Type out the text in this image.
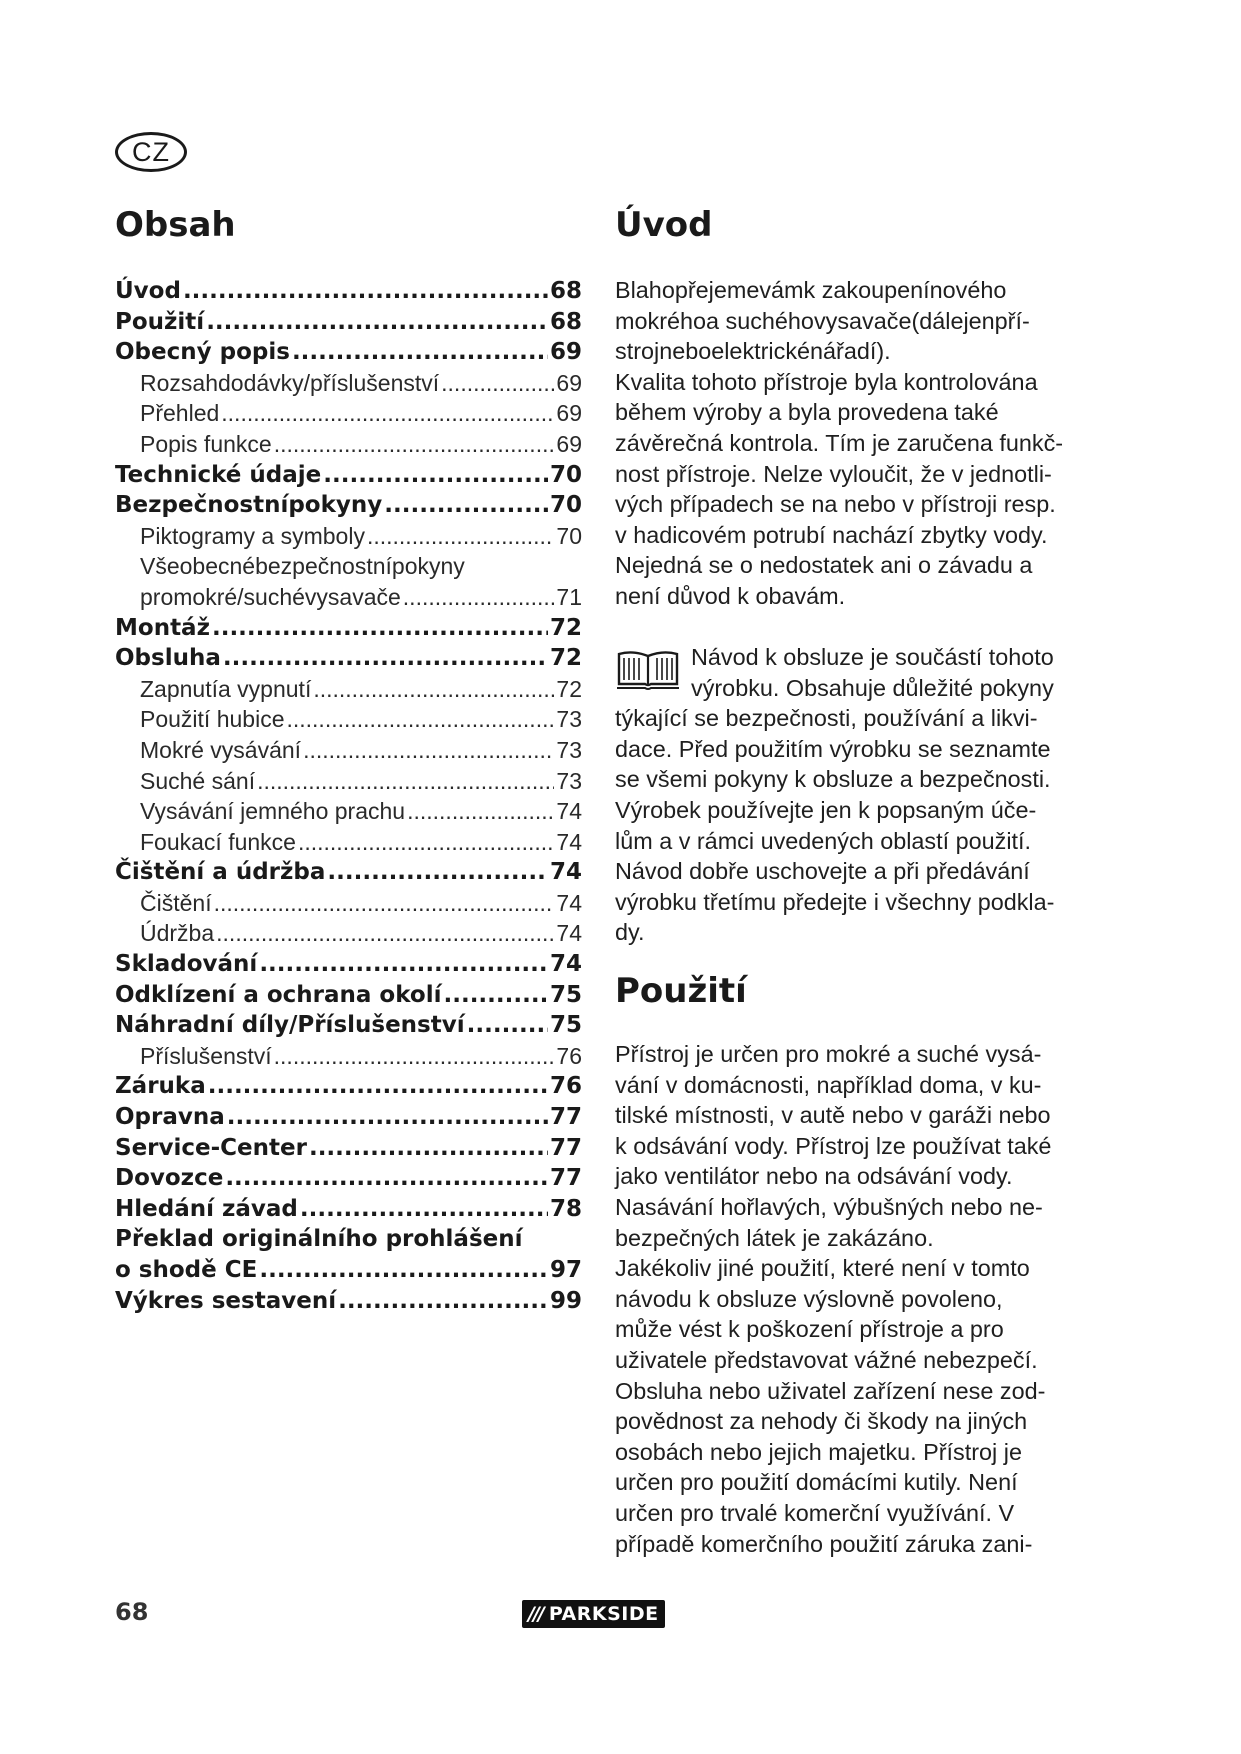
CZ
Obsah
Úvod .....	68
Použití .....	68
Obecný popis .....	69
Rozsahdodávky/příslušenství .....	69
Přehled .....	69
Popis funkce .....	69
Technické údaje .....	70
Bezpečnostnípokyny .....	70
Piktogramy a symboly .....	70
Všeobecnébezpečnostnípokyny
promokré/suchévysavače .....	71
Montáž .....	72
Obsluha .....	72
Zapnutía vypnutí .....	72
Použití hubice .....	73
Mokré vysávání .....	73
Suché sání .....	73
Vysávání jemného prachu .....	74
Foukací funkce .....	74
Čištění a údržba .....	74
Čištění .....	74
Údržba .....	74
Skladování .....	74
Odklízení a ochrana okolí .....	75
Náhradní díly/Příslušenství .....	75
Příslušenství .....	76
Záruka .....	76
Opravna .....	77
Service-Center .....	77
Dovozce .....	77
Hledání závad .....	78
Překlad originálního prohlášení
o shodě CE .....	97
Výkres sestavení .....	99
Úvod

Blahopřejemevámk zakoupenínového
mokréhoa suchéhovysavače(dálejenpří-
strojneboelektrickénářadí).

Kvalita tohoto přístroje byla kontrolována
během výroby a byla provedena také
závěrečná kontrola. Tím je zaručena funkč-
nost přístroje. Nelze vyloučit, že v jednotli-
vých případech se na nebo v přístroji resp.
v hadicovém potrubí nachází zbytky vody.
Nejedná se o nedostatek ani o závadu a
není důvod k obavám.

Návod k obsluze je součástí tohoto
výrobku. Obsahuje důležité pokyny
týkající se bezpečnosti, používání a likvi-
dace. Před použitím výrobku se seznamte
se všemi pokyny k obsluze a bezpečnosti.
Výrobek používejte jen k popsaným úče-
lům a v rámci uvedených oblastí použití.
Návod dobře uschovejte a při předávání
výrobku třetímu předejte i všechny podkla-
dy.

Použití

Přístroj je určen pro mokré a suché vysá-
vání v domácnosti, například doma, v ku-
tilské místnosti, v autě nebo v garáži nebo
k odsávání vody. Přístroj lze používat také
jako ventilátor nebo na odsávání vody.
Nasávání hořlavých, výbušných nebo ne-
bezpečných látek je zakázáno.
Jakékoliv jiné použití, které není v tomto
návodu k obsluze výslovně povoleno,
může vést k poškození přístroje a pro
uživatele představovat vážné nebezpečí.
Obsluha nebo uživatel zařízení nese zod-
povědnost za nehody či škody na jiných
osobách nebo jejich majetku. Přístroj je
určen pro použití domácími kutily. Není
určen pro trvalé komerční využívání. V
případě komerčního použití záruka zani-

68	/// PARKSIDE
